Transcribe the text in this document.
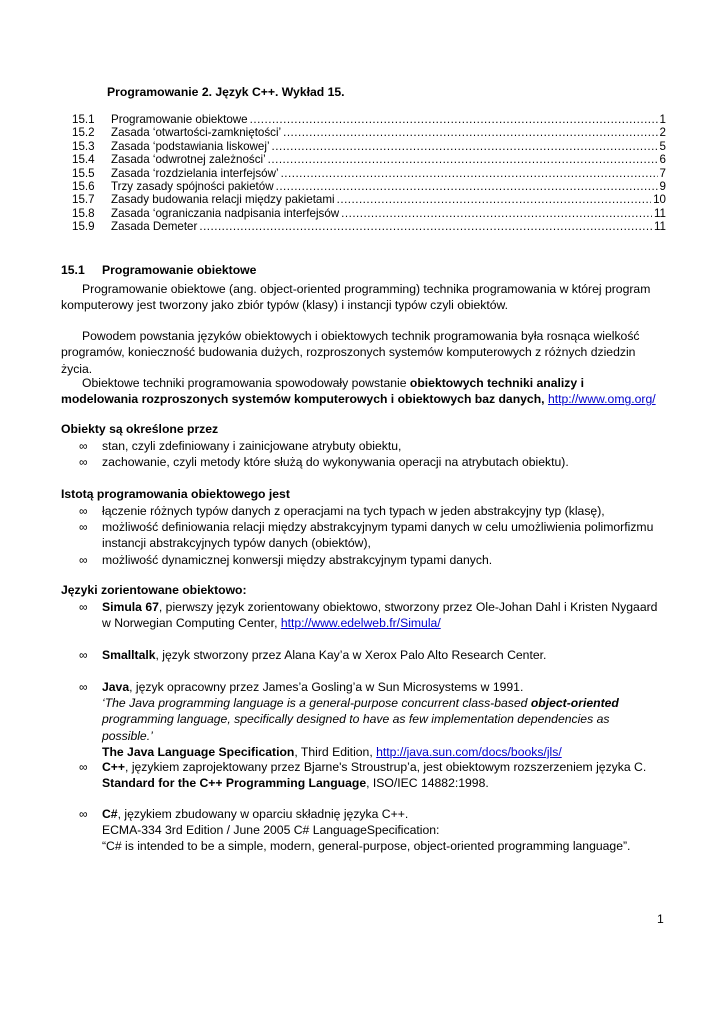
Programowanie 2. Język C++. Wykład 15.
15.1	Programowanie obiektowe .....	1
15.2	Zasada ‘otwartości-zamkniętości’ .....	2
15.3	Zasada ‘podstawiania liskowej’ .....	5
15.4	Zasada ‘odwrotnej zależności’ .....	6
15.5	Zasada ‘rozdzielania interfejsów’ .....	7
15.6	Trzy zasady spójności pakietów .....	9
15.7	Zasady budowania relacji między pakietami .....	10
15.8	Zasada ‘ograniczania nadpisania interfejsów .....	11
15.9	Zasada Demeter .....	11
15.1 Programowanie obiektowe
Programowanie obiektowe (ang. object-oriented programming) technika programowania w której program komputerowy jest tworzony jako zbiór typów (klasy) i instancji typów czyli obiektów.
Powodem powstania języków obiektowych i obiektowych technik programowania była rosnąca wielkość programów, konieczność budowania dużych, rozproszonych systemów komputerowych z różnych dziedzin życia.
Obiektowe techniki programowania spowodowały powstanie obiektowych techniki analizy i modelowania rozproszonych systemów komputerowych i obiektowych baz danych, http://www.omg.org/
Obiekty są określone przez
∞ stan, czyli zdefiniowany i zainicjowane atrybuty obiektu,
∞ zachowanie, czyli metody które służą do wykonywania operacji na atrybutach obiektu).
Istotą programowania obiektowego jest
∞ łączenie różnych typów danych z operacjami na tych typach w jeden abstrakcyjny typ (klasę),
∞ możliwość definiowania relacji między abstrakcyjnym typami danych w celu umożliwienia polimorfizmu instancji abstrakcyjnych typów danych (obiektów),
∞ możliwość dynamicznej konwersji między abstrakcyjnym typami danych.
Języki zorientowane obiektowo:
∞ Simula 67, pierwszy język zorientowany obiektowo, stworzony przez Ole-Johan Dahl i Kristen Nygaard w Norwegian Computing Center, http://www.edelweb.fr/Simula/
∞ Smalltalk, język stworzony przez Alana Kay’a w Xerox Palo Alto Research Center.
∞ Java, język opracowny przez James’a Gosling’a w Sun Microsystems w 1991.
‘The Java programming language is a general-purpose concurrent class-based object-oriented programming language, specifically designed to have as few implementation dependencies as possible.’
The Java Language Specification, Third Edition, http://java.sun.com/docs/books/jls/
∞ C++, językiem zaprojektowany przez Bjarne's Stroustrup’a, jest obiektowym rozszerzeniem języka C.
Standard for the C++ Programming Language, ISO/IEC 14882:1998.
∞ C#, językiem zbudowany w oparciu składnię języka C++.
ECMA-334 3rd Edition / June 2005 C# LanguageSpecification:
“C# is intended to be a simple, modern, general-purpose, object-oriented programming language”.
1
